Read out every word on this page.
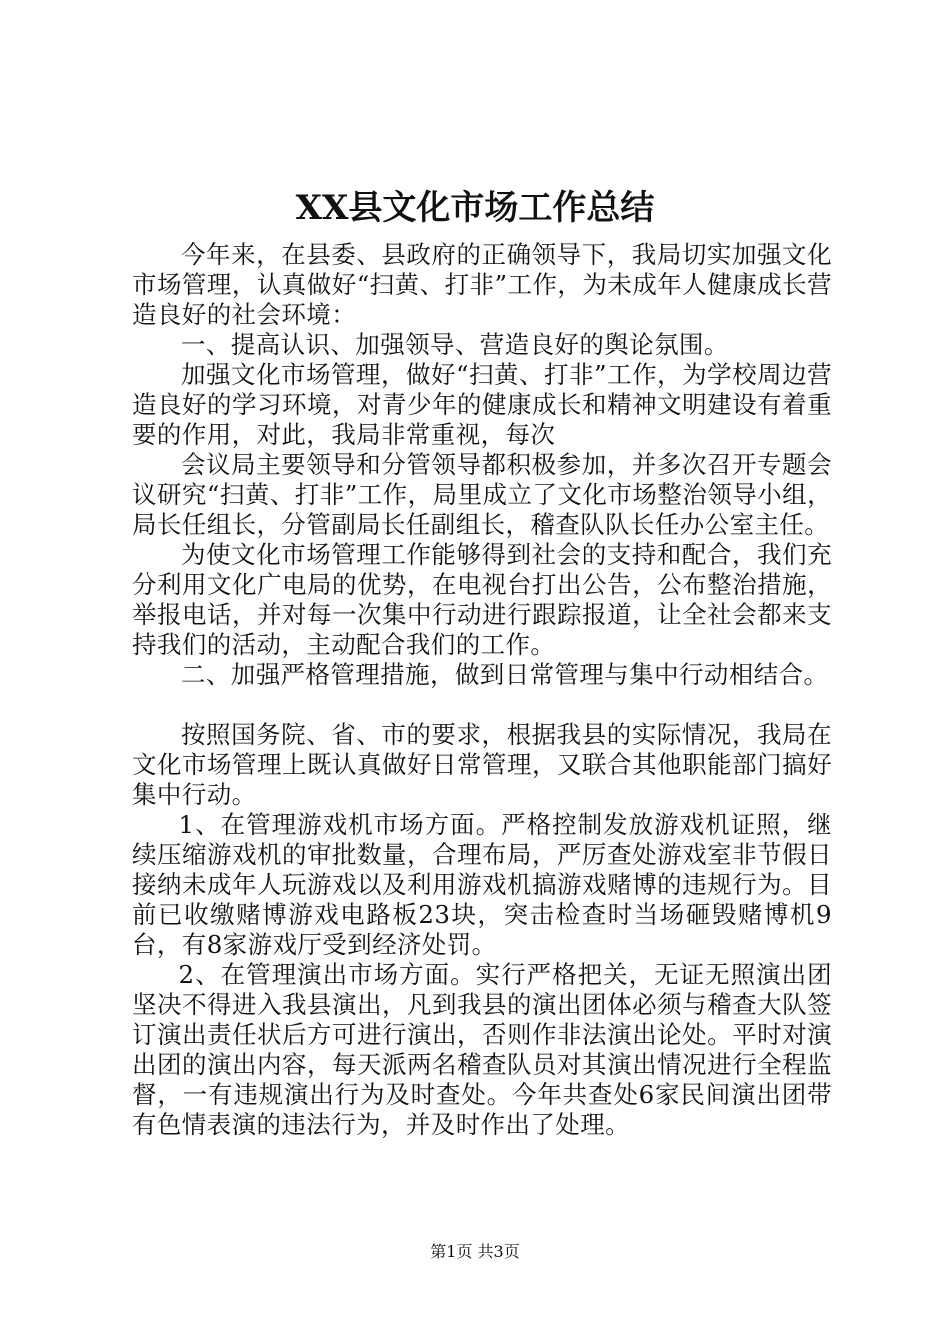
XX县文化市场工作总结

今年来，在县委、县政府的正确领导下，我局切实加强文化市场管理，认真做好“扫黄、打非”工作，为未成年人健康成长营造良好的社会环境：

一、提高认识、加强领导、营造良好的舆论氛围。

加强文化市场管理，做好“扫黄、打非”工作，为学校周边营造良好的学习环境，对青少年的健康成长和精神文明建设有着重要的作用，对此，我局非常重视，每次

会议局主要领导和分管领导都积极参加，并多次召开专题会议研究“扫黄、打非”工作，局里成立了文化市场整治领导小组，局长任组长，分管副局长任副组长，稽查队队长任办公室主任。

为使文化市场管理工作能够得到社会的支持和配合，我们充分利用文化广电局的优势，在电视台打出公告，公布整治措施，举报电话，并对每一次集中行动进行跟踪报道，让全社会都来支持我们的活动，主动配合我们的工作。

二、加强严格管理措施，做到日常管理与集中行动相结合。

按照国务院、省、市的要求，根据我县的实际情况，我局在文化市场管理上既认真做好日常管理，又联合其他职能部门搞好集中行动。

1、在管理游戏机市场方面。严格控制发放游戏机证照，继续压缩游戏机的审批数量，合理布局，严厉查处游戏室非节假日接纳未成年人玩游戏以及利用游戏机搞游戏赌博的违规行为。目前已收缴赌博游戏电路板23块，突击检查时当场砸毁赌博机9台，有8家游戏厅受到经济处罚。

2、在管理演出市场方面。实行严格把关，无证无照演出团坚决不得进入我县演出，凡到我县的演出团体必须与稽查大队签订演出责任状后方可进行演出，否则作非法演出论处。平时对演出团的演出内容，每天派两名稽查队员对其演出情况进行全程监督，一有违规演出行为及时查处。今年共查处6家民间演出团带有色情表演的违法行为，并及时作出了处理。

第1页 共3页
